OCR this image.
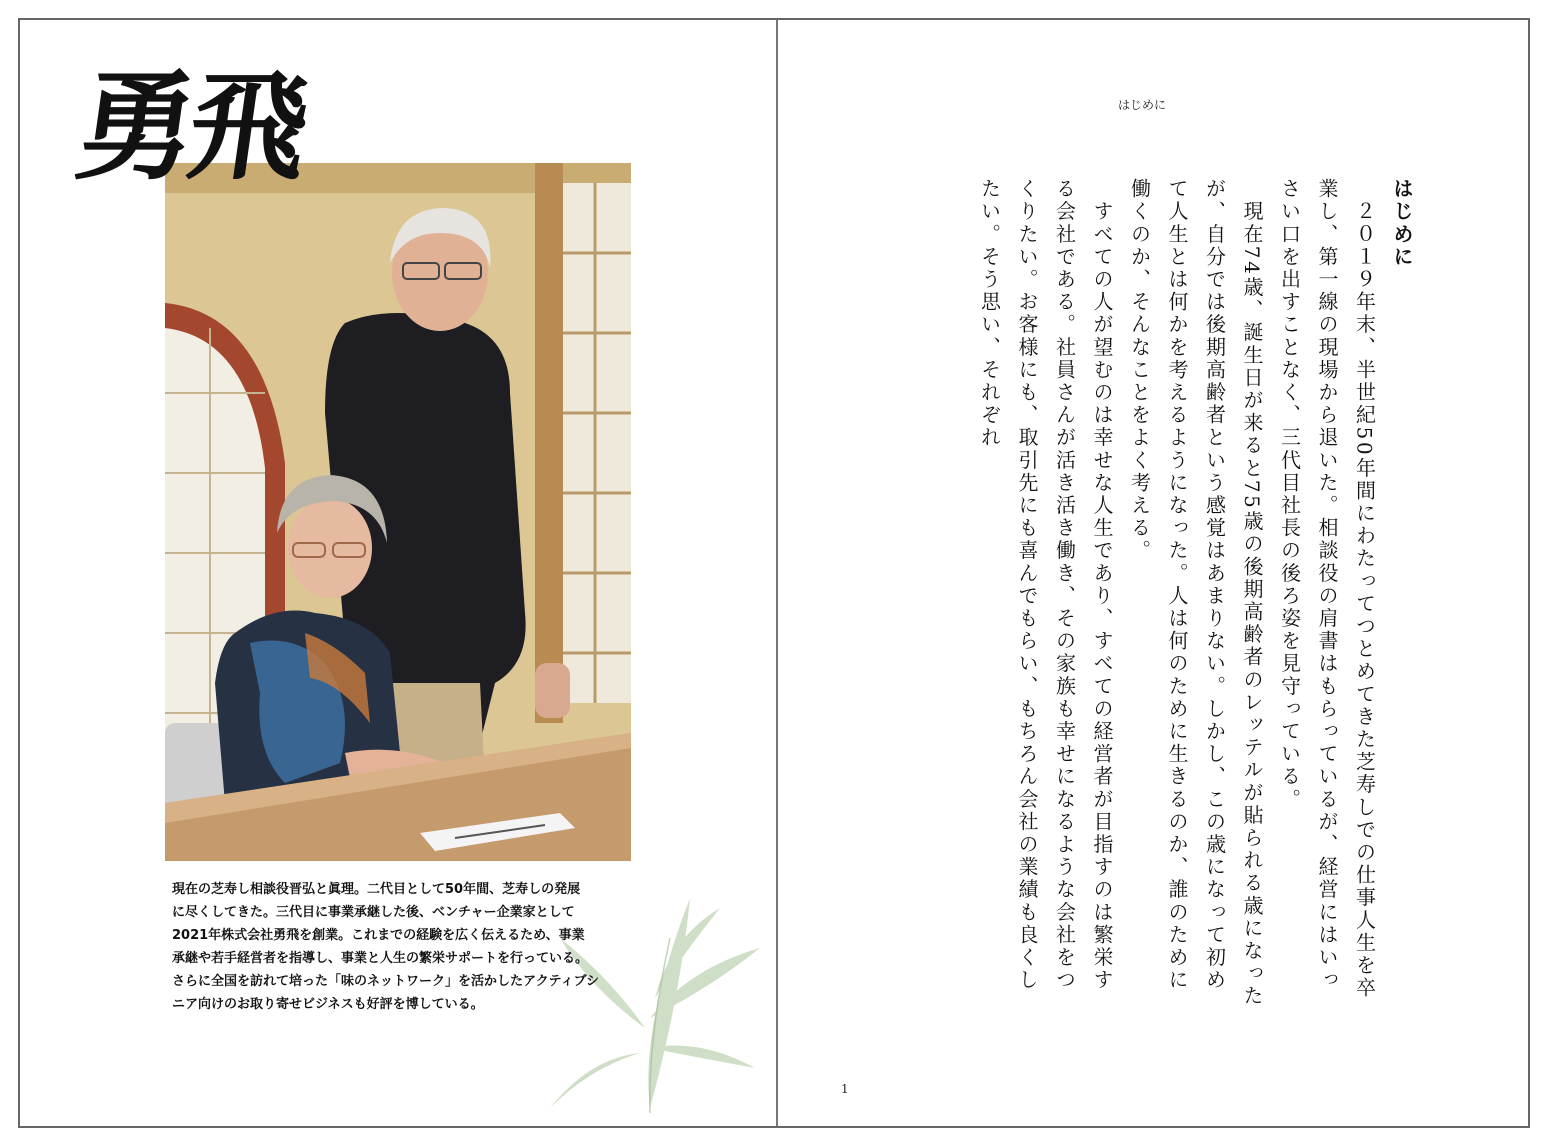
勇飛
現在の芝寿し相談役晋弘と眞理。二代目として50年間、芝寿しの発展
に尽くしてきた。三代目に事業承継した後、ベンチャー企業家として
2021年株式会社勇飛を創業。これまでの経験を広く伝えるため、事業
承継や若手経営者を指導し、事業と人生の繁栄サポートを行っている。
さらに全国を訪れて培った「味のネットワーク」を活かしたアクティブシ
ニア向けのお取り寄せビジネスも好評を博している。
はじめに
はじめに
　２０１９年末、半世紀50年間にわたってつとめてきた芝寿しでの仕事人生を卒業し、第一線の現場から退いた。相談役の肩書はもらっているが、経営にはいっさい口を出すことなく、三代目社長の後ろ姿を見守っている。
　現在74歳、誕生日が来ると75歳の後期高齢者のレッテルが貼られる歳になったが、自分では後期高齢者という感覚はあまりない。しかし、この歳になって初めて人生とは何かを考えるようになった。人は何のために生きるのか、誰のために働くのか、そんなことをよく考える。
　すべての人が望むのは幸せな人生であり、すべての経営者が目指すのは繁栄する会社である。社員さんが活き活き働き、その家族も幸せになるような会社をつくりたい。お客様にも、取引先にも喜んでもらい、もちろん会社の業績も良くしたい。そう思い、それぞれ
1
